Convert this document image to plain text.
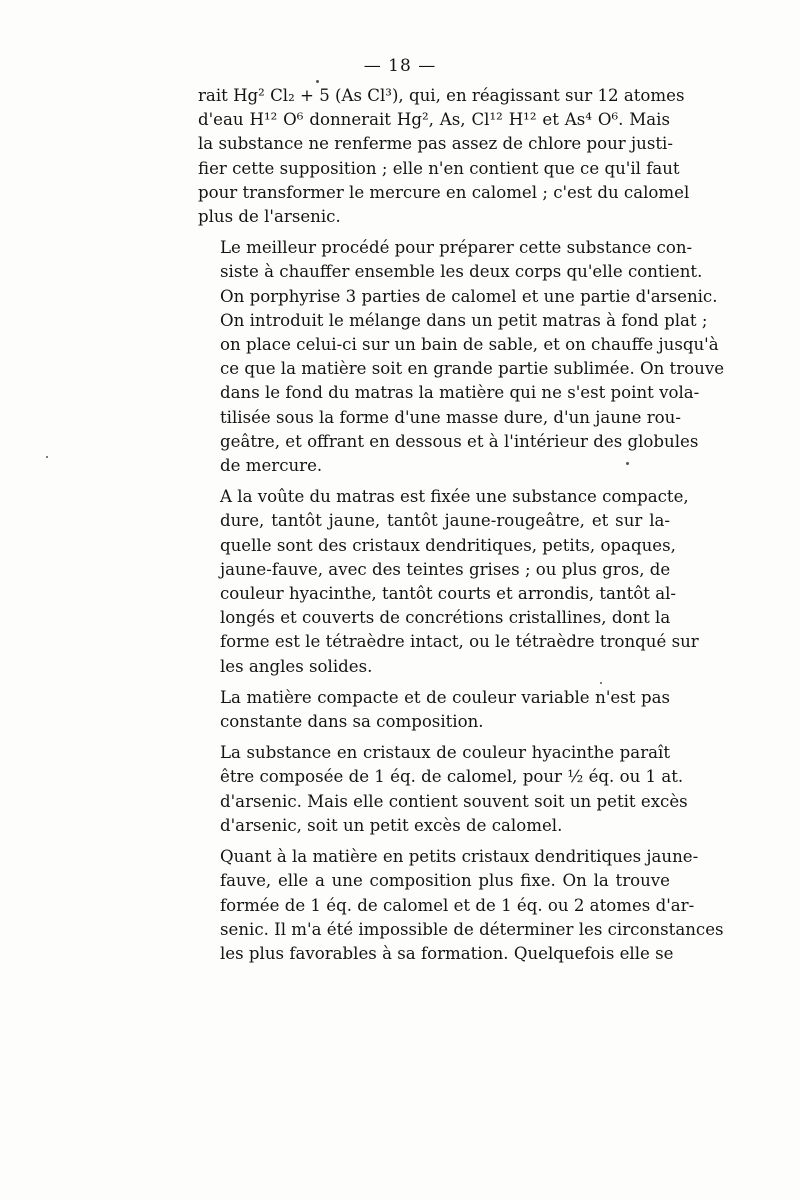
— 18 —

rait Hg² Cl₂ + 5 (As Cl³), qui, en réagissant sur 12 atomes
d'eau H¹² O⁶ donnerait Hg², As, Cl¹² H¹² et As⁴ O⁶. Mais
la substance ne renferme pas assez de chlore pour justi-
fier cette supposition ; elle n'en contient que ce qu'il faut
pour transformer le mercure en calomel ; c'est du calomel
plus de l'arsenic.

Le meilleur procédé pour préparer cette substance con-
siste à chauffer ensemble les deux corps qu'elle contient.
On porphyrise 3 parties de calomel et une partie d'arsenic.
On introduit le mélange dans un petit matras à fond plat ;
on place celui-ci sur un bain de sable, et on chauffe jusqu'à
ce que la matière soit en grande partie sublimée. On trouve
dans le fond du matras la matière qui ne s'est point vola-
tilisée sous la forme d'une masse dure, d'un jaune rou-
geâtre, et offrant en dessous et à l'intérieur des globules
de mercure.

A la voûte du matras est fixée une substance compacte,
dure, tantôt jaune, tantôt jaune-rougeâtre, et sur la-
quelle sont des cristaux dendritiques, petits, opaques,
jaune-fauve, avec des teintes grises ; ou plus gros, de
couleur hyacinthe, tantôt courts et arrondis, tantôt al-
longés et couverts de concrétions cristallines, dont la
forme est le tétraèdre intact, ou le tétraèdre tronqué sur
les angles solides.

La matière compacte et de couleur variable n'est pas
constante dans sa composition.

La substance en cristaux de couleur hyacinthe paraît
être composée de 1 éq. de calomel, pour ½ éq. ou 1 at.
d'arsenic. Mais elle contient souvent soit un petit excès
d'arsenic, soit un petit excès de calomel.

Quant à la matière en petits cristaux dendritiques jaune-
fauve, elle a une composition plus fixe. On la trouve
formée de 1 éq. de calomel et de 1 éq. ou 2 atomes d'ar-
senic. Il m'a été impossible de déterminer les circonstances
les plus favorables à sa formation. Quelquefois elle se
